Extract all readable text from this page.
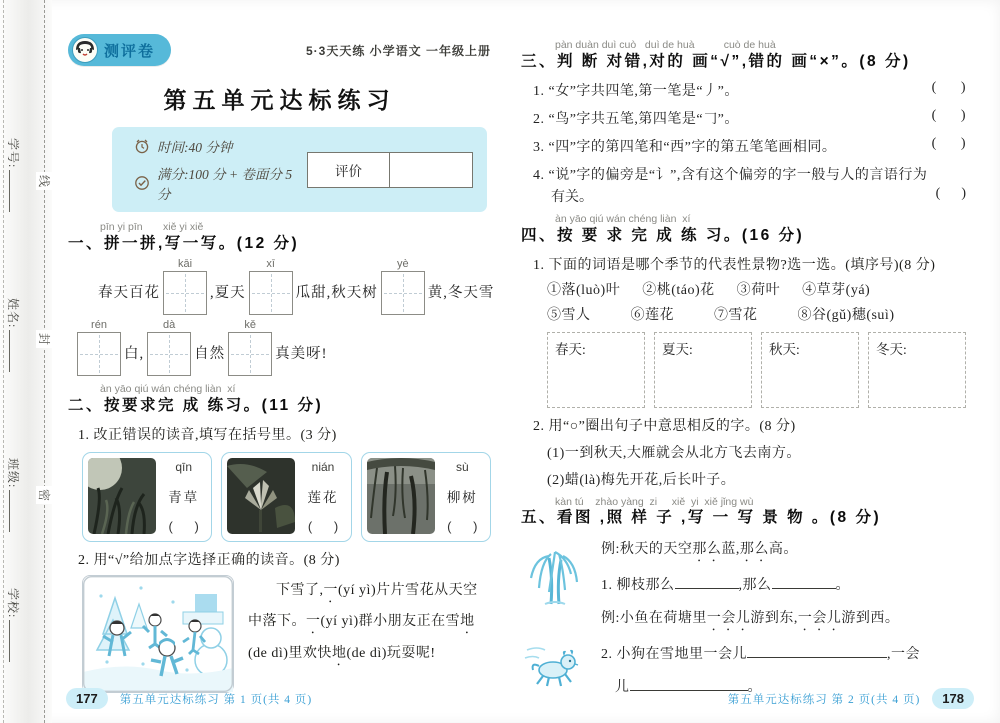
学号:
姓名:
班级:
学校:
线
封
密
测评卷	5·3天天练 小学语文 一年级上册
第五单元达标练习
时间:40 分钟
满分:100 分 + 卷面分 5 分
评价
pīn yi pīn       xiě yi xiě
一、拼一拼,写一写。(12 分)
春天百花
kāi
,夏天
xī
瓜甜,秋天树
yè
黄,冬天雪
rén
白,
dà
自然
kě
真美呀!
àn yāo qiú wán chéng liàn  xí
二、按要求完 成 练习。(11 分)
1. 改正错误的读音,填写在括号里。(3 分)
qīn
青草
(      )
nián
莲花
(      )
sù
柳树
(      )
2. 用“√”给加点字选择正确的读音。(8 分)
下雪了,一(yí yì)片片雪花从天空中落下。一(yí yì)群小朋友正在雪地(de dì)里欢快地(de dì)玩耍呢!
177	第五单元达标练习 第 1 页(共 4 页)
pàn duàn duì cuò   duì de huà          cuò de huà
三、判 断 对错,对的 画“√”,错的 画“×”。(8 分)
1. “女”字共四笔,第一笔是“丿”。	(      )
2. “鸟”字共五笔,第四笔是“𠃌”。	(      )
3. “四”字的第四笔和“西”字的第五笔笔画相同。	(      )
4. “说”字的偏旁是“讠”,含有这个偏旁的字一般与人的言语行为
有关。	(      )
àn yāo qiú wán chéng liàn  xí
四、按 要 求 完 成 练 习。(16 分)
1. 下面的词语是哪个季节的代表性景物?选一选。(填序号)(8 分)
①落(luò)叶 ②桃(táo)花 ③荷叶 ④草芽(yá)
⑤雪人	⑥莲花	⑦雪花	⑧谷(gǔ)穗(suì)
春天:	夏天:	秋天:	冬天:
2. 用“○”圈出句子中意思相反的字。(8 分)
(1)一到秋天,大雁就会从北方飞去南方。
(2)蜡(là)梅先开花,后长叶子。
kàn tú    zhào yàng  zi     xiě  yi  xiě jǐng wù
五、看图 ,照 样 子 ,写 一 写 景 物 。(8 分)
例:秋天的天空那么蓝,那么高。
1. 柳枝那么	,那么	。
例:小鱼在荷塘里一会儿游到东,一会儿游到西。
2. 小狗在雪地里一会儿	,一会
儿	。
第五单元达标练习 第 2 页(共 4 页)	178
